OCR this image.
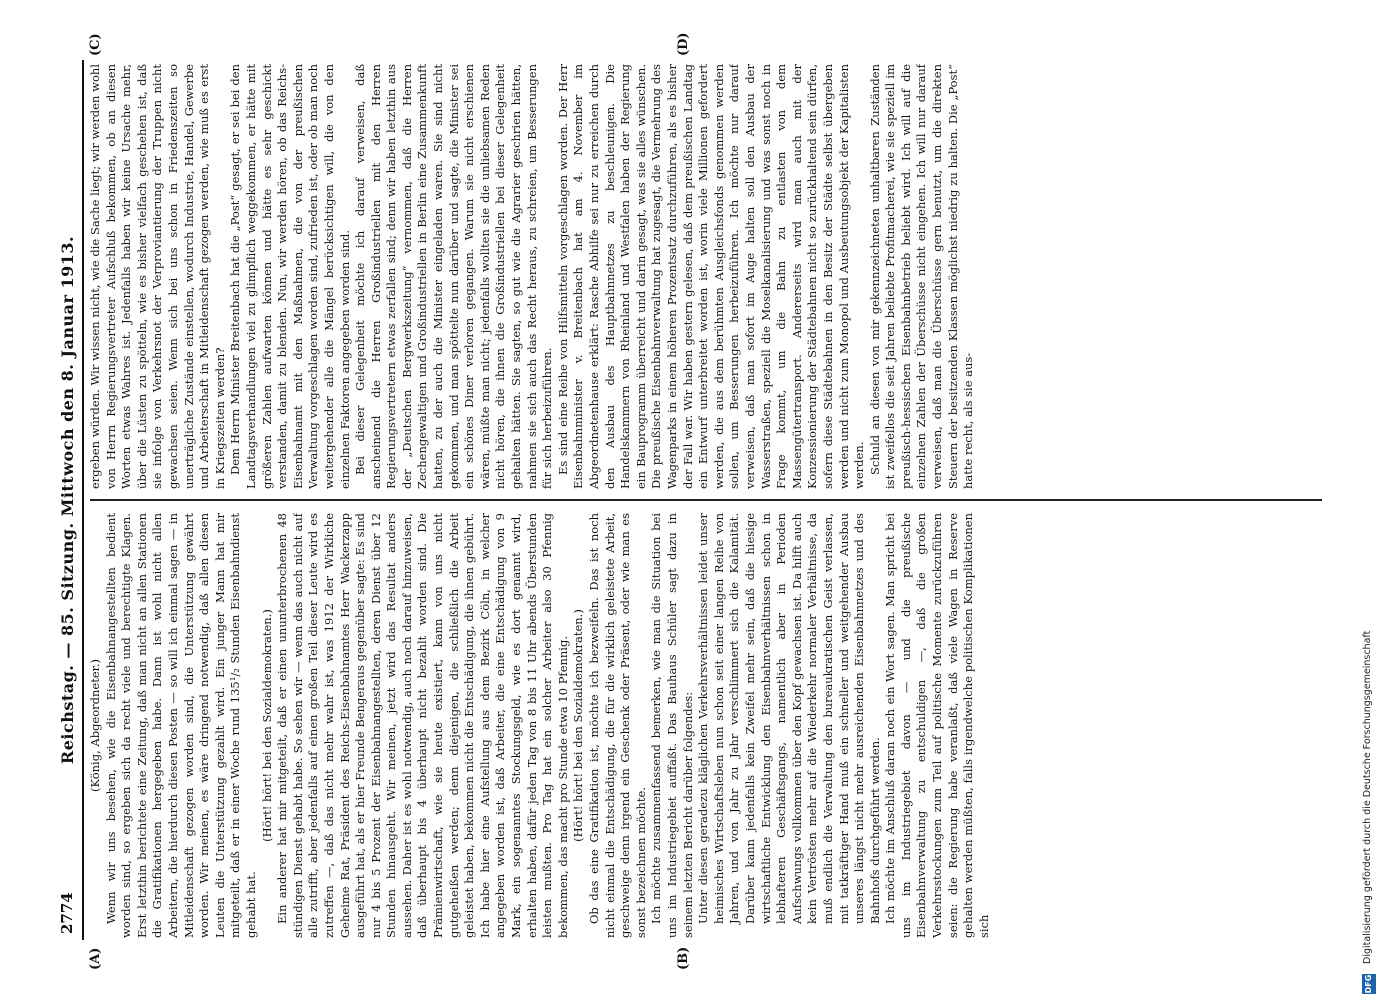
2774
Reichstag. — 85. Sitzung. Mittwoch den 8. Januar 1913.
(A)	(B)
(C)	(D)

(König, Abgeordneter.) Wenn wir uns besehen, wie die Eisenbahnangestellten bedient worden sind, so ergeben sich da recht viele und berechtigte Klagen. Erst letzthin berichtete eine Zeitung, daß man nicht an allen Stationen die Gratifikationen hergegeben habe. Dann ist wohl nicht allen Arbeitern, die hierdurch diesen Posten — so will ich einmal sagen — in Mitleidenschaft gezogen worden sind, die Unterstützung gewährt worden. Wir meinen, es wäre dringend notwendig, daß allen diesen Leuten die Unterstützung gezahlt wird. Ein junger Mann hat mir mitgeteilt, daß er in einer Woche rund 135¹/₂ Stunden Eisenbahndienst gehabt hat.

(Hört! hört! bei den Sozialdemokraten.) Ein anderer hat mir mitgeteilt, daß er einen ununterbrochenen 48 stündigen Dienst gehabt habe. So sehen wir — wenn das auch nicht auf alle zutrifft, aber jedenfalls auf einen großen Teil dieser Leute wird es zutreffen —, daß das nicht mehr wahr ist, was 1912 der Wirkliche Geheime Rat, Präsident des Reichs-Eisenbahnamtes Herr Wackerzapp ausgeführt hat, als er hier Freunde Bengeraus gegenüber sagte: Es sind nur 4 bis 5 Prozent der Eisenbahnangestellten, deren Dienst über 12 Stunden hinausgeht. Wir meinen, jetzt wird das Resultat anders aussehen. Daher ist es wohl notwendig, auch noch darauf hinzuweisen, daß überhaupt bis 4 überhaupt nicht bezahlt worden sind. Die Prämienwirtschaft, wie sie heute existiert, kann von uns nicht gutgeheißen werden; denn diejenigen, die schließlich die Arbeit geleistet haben, bekommen nicht die Entschädigung, die ihnen gebührt. Ich habe hier eine Aufstellung aus dem Bezirk Cöln, in welcher angegeben worden ist, daß Arbeiter, die eine Entschädigung von 9 Mark, ein sogenanntes Stockungsgeld, wie es dort genannt wird, erhalten haben, dafür jeden Tag von 8 bis 11 Uhr abends Überstunden leisten mußten. Pro Tag hat ein solcher Arbeiter also 30 Pfennig bekommen, das macht pro Stunde etwa 10 Pfennig. (Hört! hört! bei den Sozialdemokraten.) Ob das eine Gratifikation ist, möchte ich bezweifeln. Das ist noch nicht einmal die Entschädigung, die für die wirklich geleistete Arbeit, geschweige denn irgend ein Geschenk oder Präsent, oder wie man es sonst bezeichnen möchte. Ich möchte zusammenfassend bemerken, wie man die Situation bei uns im Industriegebiet auffaßt. Das Bauhaus Schüler sagt dazu in seinem letzten Bericht darüber folgendes: Unter diesen geradezu kläglichen Verkehrsverhältnissen leidet unser heimisches Wirtschaftsleben nun schon seit einer langen Reihe von Jahren, und von Jahr zu Jahr verschlimmert sich die Kalamität. Darüber kann jedenfalls kein Zweifel mehr sein, daß die hiesige wirtschaftliche Entwicklung den Eisenbahnverhältnissen schon in lebhafteren Geschäftsgangs, namentlich aber in Perioden Aufschwungs vollkommen über den Kopf gewachsen ist. Da hilft auch kein Vertrösten mehr auf die Wiederkehr normaler Verhältnisse, da muß endlich die Verwaltung den bureaukratischen Geist verlassen, mit tatkräftiger Hand muß ein schneller und weitgehender Ausbau unseres längst nicht mehr ausreichenden Eisenbahnnetzes und des Bahnhofs durchgeführt werden. Ich möchte im Anschluß daran noch ein Wort sagen. Man spricht bei uns im Industriegebiet davon — und die preußische Eisenbahnverwaltung zu entschuldigen —, daß die großen Verkehrsstockungen zum Teil auf politische Momente zurückzuführen seien: die Regierung habe veranlaßt, daß viele Wagen in Reserve gehalten werden müßten, falls irgendwelche politischen Komplikationen sich

ergeben würden. Wir wissen nicht, wie die Sache liegt; wir werden wohl von Herrn Regierungsvertreter Aufschluß bekommen, ob an diesen Worten etwas Wahres ist. Jedenfalls haben wir keine Ursache mehr, über die Lüsten zu spötteln, wie es bisher vielfach geschehen ist, daß sie infolge von Verkehrsnot der Verproviantierung der Truppen nicht gewachsen seien. Wenn sich bei uns schon in Friedenszeiten so unerträgliche Zustände einstellen, wodurch Industrie, Handel, Gewerbe und Arbeiterschaft in Mitleidenschaft gezogen werden, wie muß es erst in Kriegszeiten werden? Dem Herrn Minister Breitenbach hat die „Post“ gesagt, er sei bei den Landtagsverhandlungen viel zu glimpflich weggekommen, er hätte mit größeren Zahlen aufwarten können und hätte es sehr geschickt verstanden, damit zu blenden. Nun, wir werden hören, ob das Reichs-Eisenbahnamt mit den Maßnahmen, die von der preußischen Verwaltung vorgeschlagen worden sind, zufrieden ist, oder ob man noch weitergehender alle die Mängel berücksichtigen will, die von den einzelnen Faktoren angegeben worden sind. Bei dieser Gelegenheit möchte ich darauf verweisen, daß anscheinend die Herren Großindustriellen mit den Herren Regierungsvertretern etwas zerfallen sind; denn wir haben letzthin aus der „Deutschen Bergwerkszeitung“ vernommen, daß die Herren Zechengewaltigen und Großindustriellen in Berlin eine Zusammenkunft hatten, zu der auch die Minister eingeladen waren. Sie sind nicht gekommen, und man spöttelte nun darüber und sagte, die Minister sei ein schönes Diner verloren gegangen. Warum sie nicht erschienen wären, müßte man nicht; jedenfalls wollten sie die unliebsamen Reden nicht hören, die ihnen die Großindustriellen bei dieser Gelegenheit gehalten hätten. Sie sagten, so gut wie die Agrarier geschrien hätten, nahmen sie sich auch das Recht heraus, zu schreien, um Besserungen für sich herbeizuführen. Es sind eine Reihe von Hilfsmitteln vorgeschlagen worden. Der Herr Eisenbahnminister v. Breitenbach hat am 4. November im Abgeordnetenhause erklärt: Rasche Abhilfe sei nur zu erreichen durch den Ausbau des Hauptbahnnetzes zu beschleunigen. Die Handelskammern von Rheinland und Westfalen haben der Regierung ein Bauprogramm überreicht und darin gesagt, was sie alles wünschen. Die preußische Eisenbahnverwaltung hat zugesagt, die Vermehrung des Wagenparks in einem höheren Prozentsatz durchzuführen, als es bisher der Fall war. Wir haben gestern gelesen, daß dem preußischen Landtag ein Entwurf unterbreitet worden ist, worin viele Millionen gefordert werden, die aus dem berühmten Ausgleichsfonds genommen werden sollen, um Besserungen herbeizuführen. Ich möchte nur darauf verweisen, daß man sofort im Auge halten soll den Ausbau der Wasserstraßen, speziell die Moselkanalisierung und was sonst noch in Frage kommt, um die Bahn zu entlasten von dem Massengütertransport. Andererseits wird man auch mit der Konzessionierung der Städtebahnen nicht so zurückhaltend sein dürfen, sofern diese Städtebahnen in den Besitz der Städte selbst übergeben werden und nicht zum Monopol und Ausbeutungsobjekt der Kapitalisten werden. Schuld an diesen von mir gekennzeichneten unhaltbaren Zuständen ist zweifellos die seit Jahren beliebte Profitmacherei, wie sie speziell im preußisch-hessischen Eisenbahnbetrieb beliebt wird. Ich will auf die einzelnen Zahlen der Überschüsse nicht eingehen. Ich will nur darauf verweisen, daß man die Überschüsse gern benutzt, um die direkten Steuern der besitzenden Klassen möglichst niedrig zu halten. Die „Post“ hatte recht, als sie aus-

DFG
Digitalisierung gefördert durch die Deutsche Forschungsgemeinschaft
